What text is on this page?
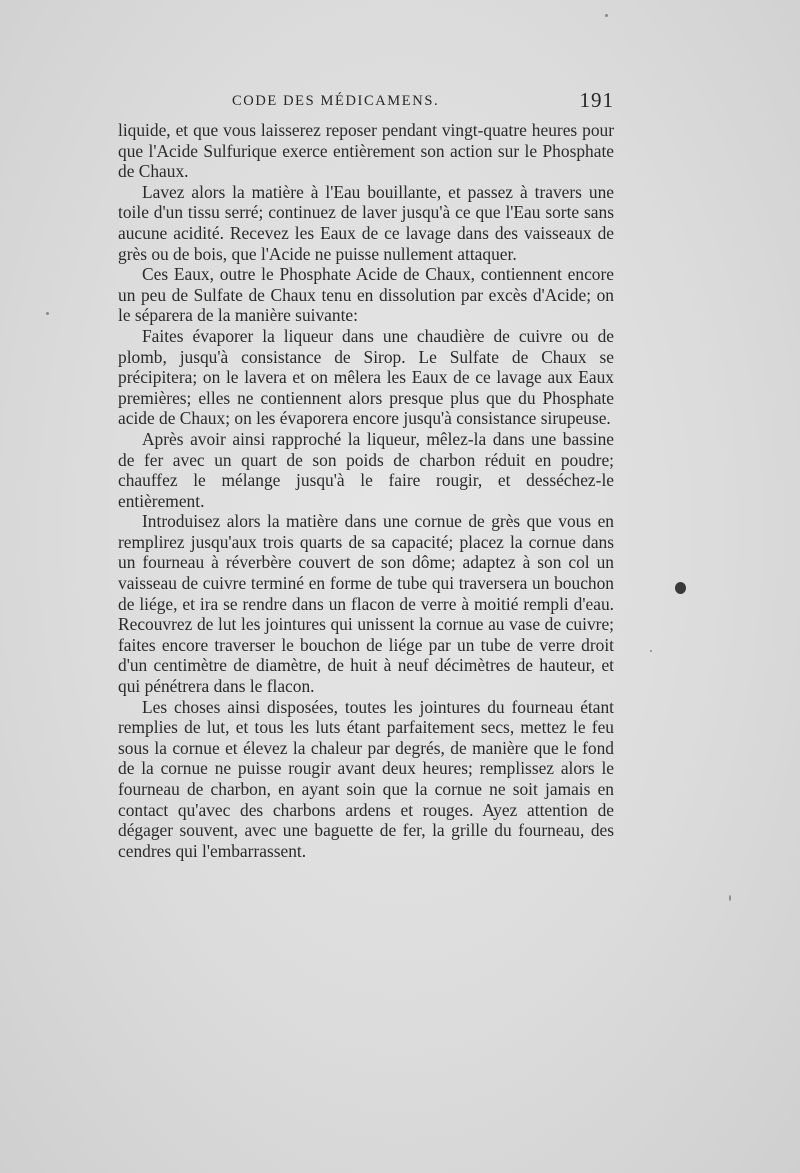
CODE DES MÉDICAMENS.	191

liquide, et que vous laisserez reposer pendant vingt-quatre heures pour que l'Acide Sulfurique exerce entièrement son action sur le Phosphate de Chaux.

Lavez alors la matière à l'Eau bouillante, et passez à travers une toile d'un tissu serré; continuez de laver jusqu'à ce que l'Eau sorte sans aucune acidité. Recevez les Eaux de ce lavage dans des vaisseaux de grès ou de bois, que l'Acide ne puisse nullement attaquer.

Ces Eaux, outre le Phosphate Acide de Chaux, contiennent encore un peu de Sulfate de Chaux tenu en dissolution par excès d'Acide; on le séparera de la manière suivante:

Faites évaporer la liqueur dans une chaudière de cuivre ou de plomb, jusqu'à consistance de Sirop. Le Sulfate de Chaux se précipitera; on le lavera et on mêlera les Eaux de ce lavage aux Eaux premières; elles ne contiennent alors presque plus que du Phosphate acide de Chaux; on les évaporera encore jusqu'à consistance sirupeuse.

Après avoir ainsi rapproché la liqueur, mêlez-la dans une bassine de fer avec un quart de son poids de charbon réduit en poudre; chauffez le mélange jusqu'à le faire rougir, et desséchez-le entièrement.

Introduisez alors la matière dans une cornue de grès que vous en remplirez jusqu'aux trois quarts de sa capacité; placez la cornue dans un fourneau à réverbère couvert de son dôme; adaptez à son col un vaisseau de cuivre terminé en forme de tube qui traversera un bouchon de liége, et ira se rendre dans un flacon de verre à moitié rempli d'eau. Recouvrez de lut les jointures qui unissent la cornue au vase de cuivre; faites encore traverser le bouchon de liége par un tube de verre droit d'un centimètre de diamètre, de huit à neuf décimètres de hauteur, et qui pénétrera dans le flacon.

Les choses ainsi disposées, toutes les jointures du fourneau étant remplies de lut, et tous les luts étant parfaitement secs, mettez le feu sous la cornue et élevez la chaleur par degrés, de manière que le fond de la cornue ne puisse rougir avant deux heures; remplissez alors le fourneau de charbon, en ayant soin que la cornue ne soit jamais en contact qu'avec des charbons ardens et rouges. Ayez attention de dégager souvent, avec une baguette de fer, la grille du fourneau, des cendres qui l'embarrassent.
